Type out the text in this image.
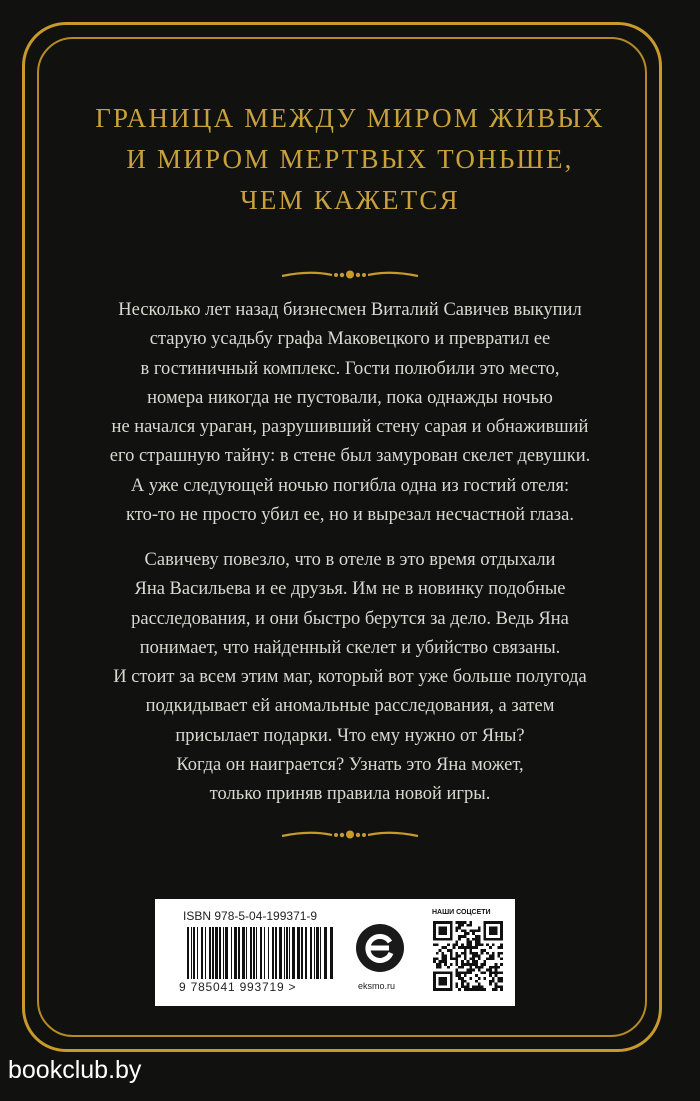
ГРАНИЦА МЕЖДУ МИРОМ ЖИВЫХ
И МИРОМ МЕРТВЫХ ТОНЬШЕ,
ЧЕМ КАЖЕТСЯ
Несколько лет назад бизнесмен Виталий Савичев выкупил
старую усадьбу графа Маковецкого и превратил ее
в гостиничный комплекс. Гости полюбили это место,
номера никогда не пустовали, пока однажды ночью
не начался ураган, разрушивший стену сарая и обнаживший
его страшную тайну: в стене был замурован скелет девушки.
А уже следующей ночью погибла одна из гостий отеля:
кто-то не просто убил ее, но и вырезал несчастной глаза.
Савичеву повезло, что в отеле в это время отдыхали
Яна Васильева и ее друзья. Им не в новинку подобные
расследования, и они быстро берутся за дело. Ведь Яна
понимает, что найденный скелет и убийство связаны.
И стоит за всем этим маг, который вот уже больше полугода
подкидывает ей аномальные расследования, а затем
присылает подарки. Что ему нужно от Яны?
Когда он наиграется? Узнать это Яна может,
только приняв правила новой игры.
ISBN 978-5-04-199371-9
9 785041 993719 >	eksmo.ru
НАШИ СОЦСЕТИ
bookclub.by
